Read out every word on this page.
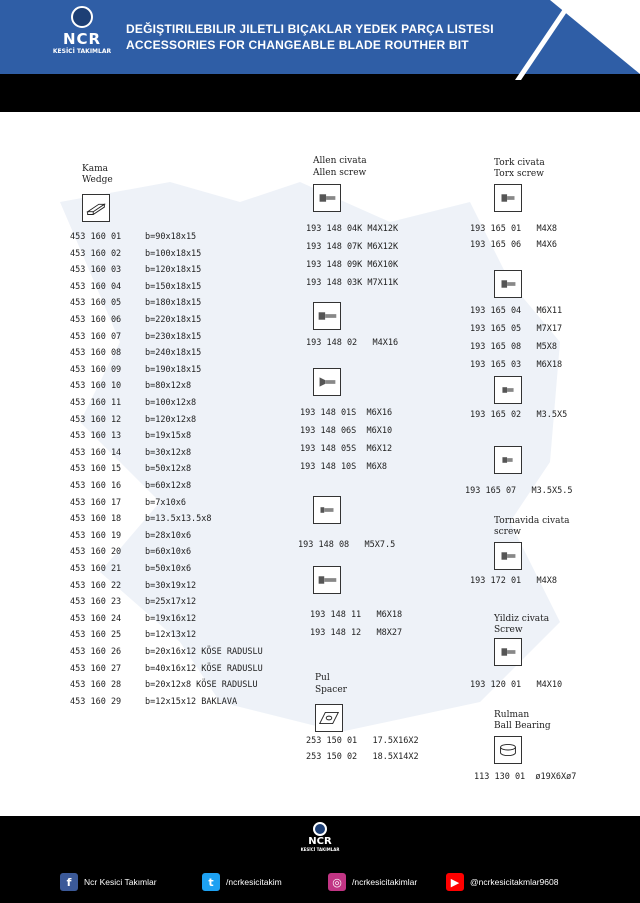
NCR
KESİCİ TAKIMLAR
DEĞIŞTIRILEBILIR JILETLI BIÇAKLAR YEDEK PARÇA LISTESI
ACCESSORIES FOR CHANGEABLE BLADE ROUTHER BIT
Kama
Wedge
453 160 01	b=90x18x15
453 160 02	b=100x18x15
453 160 03	b=120x18x15
453 160 04	b=150x18x15
453 160 05	b=180x18x15
453 160 06	b=220x18x15
453 160 07	b=230x18x15
453 160 08	b=240x18x15
453 160 09	b=190x18x15
453 160 10	b=80x12x8
453 160 11	b=100x12x8
453 160 12	b=120x12x8
453 160 13	b=19x15x8
453 160 14	b=30x12x8
453 160 15	b=50x12x8
453 160 16	b=60x12x8
453 160 17	b=7x10x6
453 160 18	b=13.5x13.5x8
453 160 19	b=28x10x6
453 160 20	b=60x10x6
453 160 21	b=50x10x6
453 160 22	b=30x19x12
453 160 23	b=25x17x12
453 160 24	b=19x16x12
453 160 25	b=12x13x12
453 160 26	b=20x16x12 KÖSE RADUSLU
453 160 27	b=40x16x12 KÖSE RADUSLU
453 160 28	b=20x12x8 KÖSE RADUSLU
453 160 29	b=12x15x12 BAKLAVA
Allen civata
Allen screw
193 148 04K M4X12K
193 148 07K M6X12K
193 148 09K M6X10K
193 148 03K M7X11K
193 148 02   M4X16
193 148 01S  M6X16
193 148 06S  M6X10
193 148 05S  M6X12
193 148 10S  M6X8
193 148 08   M5X7.5
193 148 11   M6X18
193 148 12   M8X27
Pul
Spacer
253 150 01   17.5X16X2
253 150 02   18.5X14X2
Tork civata
Torx screw
193 165 01   M4X8
193 165 06   M4X6
193 165 04   M6X11
193 165 05   M7X17
193 165 08   M5X8
193 165 03   M6X18
193 165 02   M3.5X5
193 165 07   M3.5X5.5
Tornavida civata
screw
193 172 01   M4X8
Yildiz civata
Screw
193 120 01   M4X10
Rulman
Ball Bearing
113 130 01  ø19X6Xø7
NCR
KESİCİ TAKIMLAR
f	Ncr Kesici Takımlar	t	/ncrkesicitakim	◎	/ncrkesicitakimlar	▶	@ncrkesicitakmlar9608
